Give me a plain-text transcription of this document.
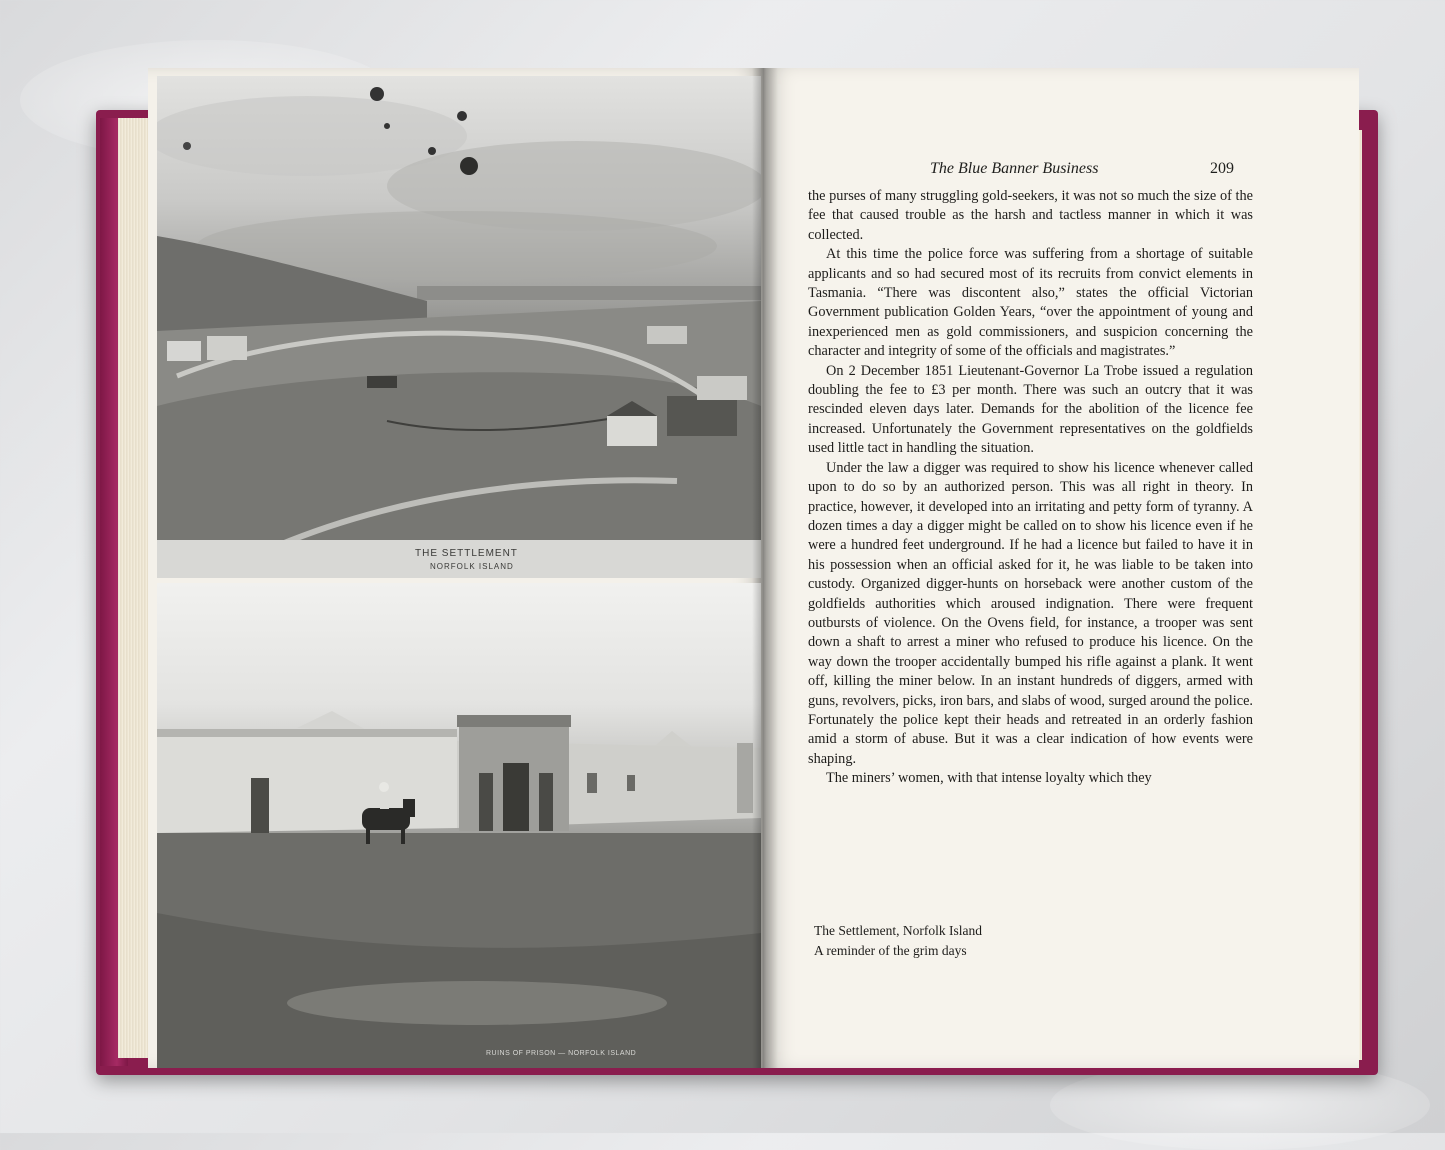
THE SETTLEMENT
NORFOLK ISLAND
RUINS OF PRISON — NORFOLK ISLAND
The Blue Banner Business	209

the purses of many struggling gold-seekers, it was not so much the size of the fee that caused trouble as the harsh and tactless manner in which it was collected.

At this time the police force was suffering from a shortage of suitable applicants and so had secured most of its recruits from convict elements in Tasmania. “There was discontent also,” states the official Victorian Government publication Golden Years, “over the appointment of young and inexperienced men as gold commissioners, and suspicion concerning the character and integrity of some of the officials and magistrates.”

On 2 December 1851 Lieutenant-Governor La Trobe issued a regulation doubling the fee to £3 per month. There was such an outcry that it was rescinded eleven days later. Demands for the abolition of the licence fee increased. Unfortunately the Government representatives on the goldfields used little tact in handling the situation.

Under the law a digger was required to show his licence whenever called upon to do so by an authorized person. This was all right in theory. In practice, however, it developed into an irritating and petty form of tyranny. A dozen times a day a digger might be called on to show his licence even if he were a hundred feet underground. If he had a licence but failed to have it in his possession when an official asked for it, he was liable to be taken into custody. Organized digger-hunts on horseback were another custom of the goldfields authorities which aroused indignation. There were frequent outbursts of violence. On the Ovens field, for instance, a trooper was sent down a shaft to arrest a miner who refused to produce his licence. On the way down the trooper accidentally bumped his rifle against a plank. It went off, killing the miner below. In an instant hundreds of diggers, armed with guns, revolvers, picks, iron bars, and slabs of wood, surged around the police. Fortunately the police kept their heads and retreated in an orderly fashion amid a storm of abuse. But it was a clear indication of how events were shaping.

The miners’ women, with that intense loyalty which they

The Settlement, Norfolk Island
A reminder of the grim days
